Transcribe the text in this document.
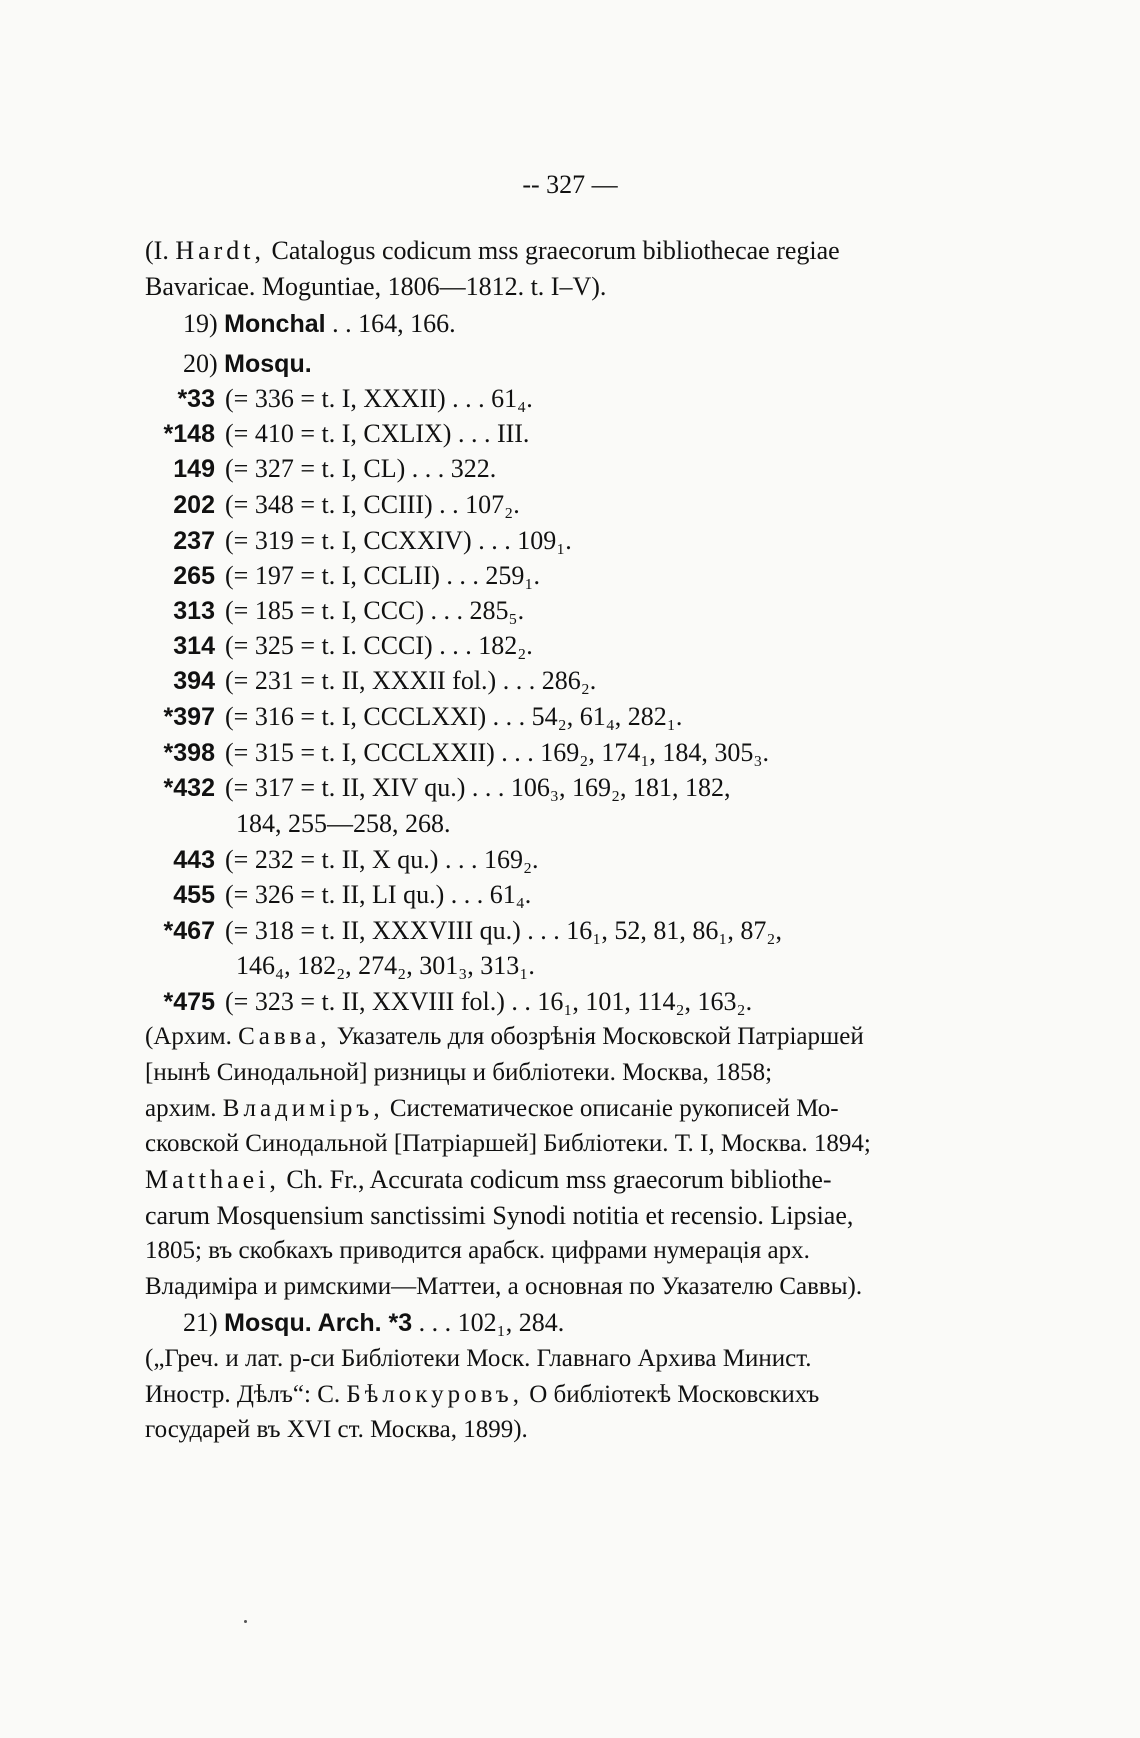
-- 327 —
(I. Hardt, Catalogus codicum mss graecorum bibliothecae regiae
Bavaricae. Moguntiae, 1806—1812. t. I–V).
19) Monchal . . 164, 166.
20) Mosqu.
*33 (= 336 = t. I, XXXII) . . . 61₄.
*148 (= 410 = t. I, CXLIX) . . . III.
149 (= 327 = t. I, CL) . . . 322.
202 (= 348 = t. I, CCIII) . . 107₂.
237 (= 319 = t. I, CCXXIV) . . . 109₁.
265 (= 197 = t. I, CCLII) . . . 259₁.
313 (= 185 = t. I, CCC) . . . 285₅.
314 (= 325 = t. I. CCCI) . . . 182₂.
394 (= 231 = t. II, XXXII fol.) . . . 286₂.
*397 (= 316 = t. I, CCCLXXI) . . . 54₂, 61₄, 282₁.
*398 (= 315 = t. I, CCCLXXII) . . . 169₂, 174₁, 184, 305₃.
*432 (= 317 = t. II, XIV qu.) . . . 106₃, 169₂, 181, 182,
184, 255—258, 268.
443 (= 232 = t. II, X qu.) . . . 169₂.
455 (= 326 = t. II, LI qu.) . . . 61₄.
*467 (= 318 = t. II, XXXVIII qu.) . . . 16₁, 52, 81, 86₁, 87₂,
146₄, 182₂, 274₂, 301₃, 313₁.
*475 (= 323 = t. II, XXVIII fol.) . . 16₁, 101, 114₂, 163₂.
(Архим. Савва, Указатель для обозрѣнія Московской Патріаршей
[нынѣ Синодальной] ризницы и библіотеки. Москва, 1858;
архим. Владиміръ, Систематическое описаніе рукописей Мо-
сковской Синодальной [Патріаршей] Библіотеки. Т. I, Москва. 1894;
Matthaei, Ch. Fr., Accurata codicum mss graecorum bibliothe-
carum Mosquensium sanctissimi Synodi notitia et recensio. Lipsiae,
1805; въ скобкахъ приводится арабск. цифрами нумерація арх.
Владиміра и римскими—Маттеи, а основная по Указателю Саввы).
21) Mosqu. Arch. *3 . . . 102₁, 284.
(„Греч. и лат. р-си Библіотеки Моск. Главнаго Архива Минист.
Иностр. Дѣлъ“: С. Бѣлокуровъ, О библіотекѣ Московскихъ
государей въ XVI ст. Москва, 1899).
